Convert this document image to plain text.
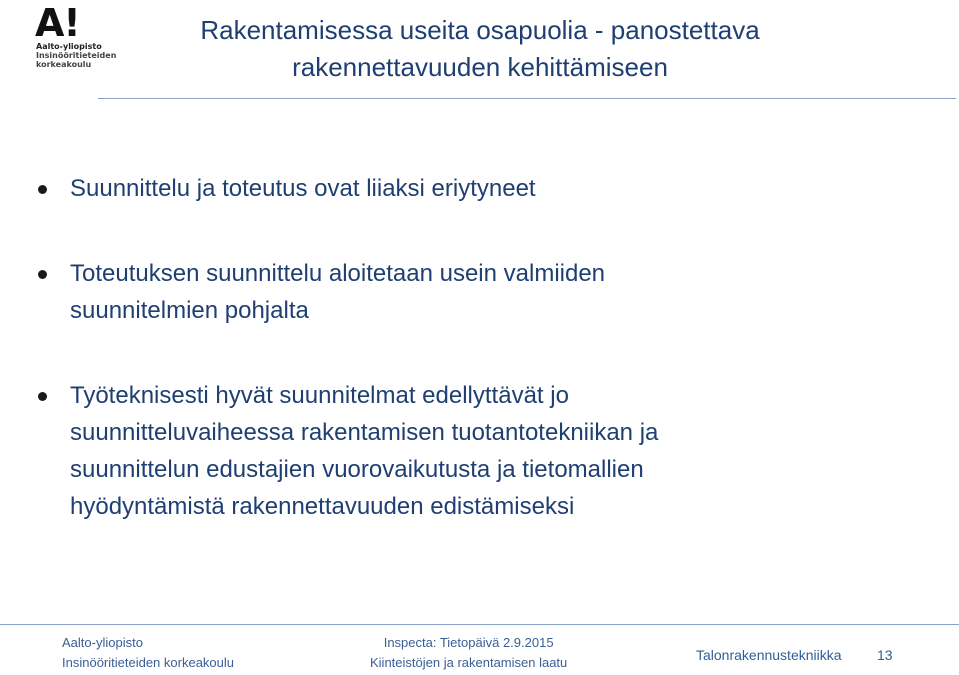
A!
Aalto-yliopisto
Insinööritieteiden
korkeakoulu
Rakentamisessa useita osapuolia - panostettava
rakennettavuuden kehittämiseen
Suunnittelu ja toteutus ovat liiaksi eriytyneet
Toteutuksen suunnittelu aloitetaan usein valmiiden
suunnitelmien pohjalta
Työteknisesti hyvät suunnitelmat edellyttävät jo
suunnitteluvaiheessa rakentamisen tuotantotekniikan ja
suunnittelun edustajien vuorovaikutusta ja tietomallien
hyödyntämistä rakennettavuuden edistämiseksi
Aalto-yliopisto
Insinööritieteiden korkeakoulu
Inspecta: Tietopäivä 2.9.2015
Kiinteistöjen ja rakentamisen laatu	Talonrakennustekniikka	13
